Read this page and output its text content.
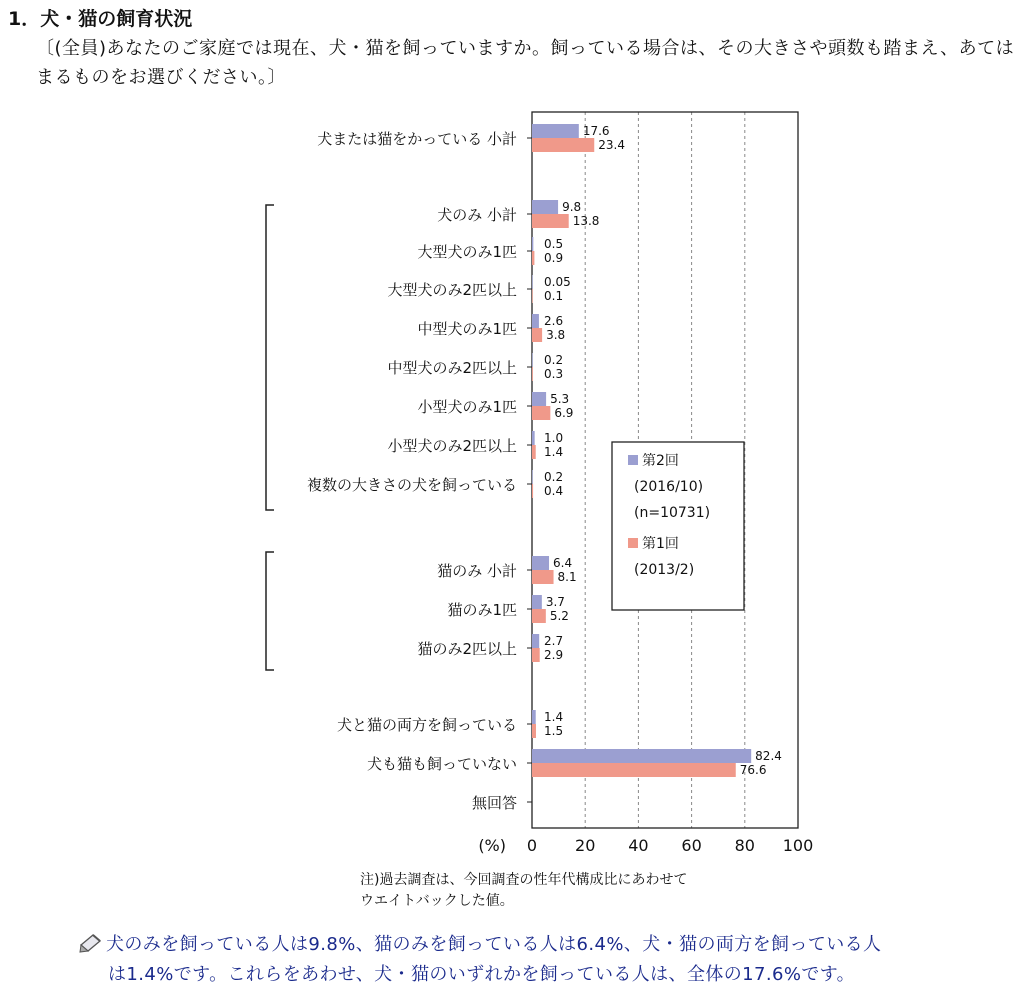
1．犬・猫の飼育状況
〔(全員)あなたのご家庭では現在、犬・猫を飼っていますか。飼っている場合は、その大きさや頭数も踏まえ、あてはまるものをお選びください。〕
0 20 40 60 80 100
(%)
犬または猫をかっている 小計
犬のみ 小計
大型犬のみ1匹
大型犬のみ2匹以上
中型犬のみ1匹
中型犬のみ2匹以上
小型犬のみ1匹
小型犬のみ2匹以上
複数の大きさの犬を飼っている
猫のみ 小計
猫のみ1匹
猫のみ2匹以上
犬と猫の両方を飼っている
犬も猫も飼っていない
無回答
17.6
9.8
0.5
0.05
2.6
0.2
5.3
1.0
0.2
6.4
3.7
2.7
1.4
82.4
23.4
13.8
0.9
0.1
3.8
0.3
6.9
1.4
0.4
8.1
5.2
2.9
1.5
76.6
第2回
(2016/10)
(n=10731)
第1回
(2013/2)
注)過去調査は、今回調査の性年代構成比にあわせて
ウエイトバックした値。
犬のみを飼っている人は9.8%、猫のみを飼っている人は6.4%、犬・猫の両方を飼っている人
は1.4%です。これらをあわせ、犬・猫のいずれかを飼っている人は、全体の17.6%です。
